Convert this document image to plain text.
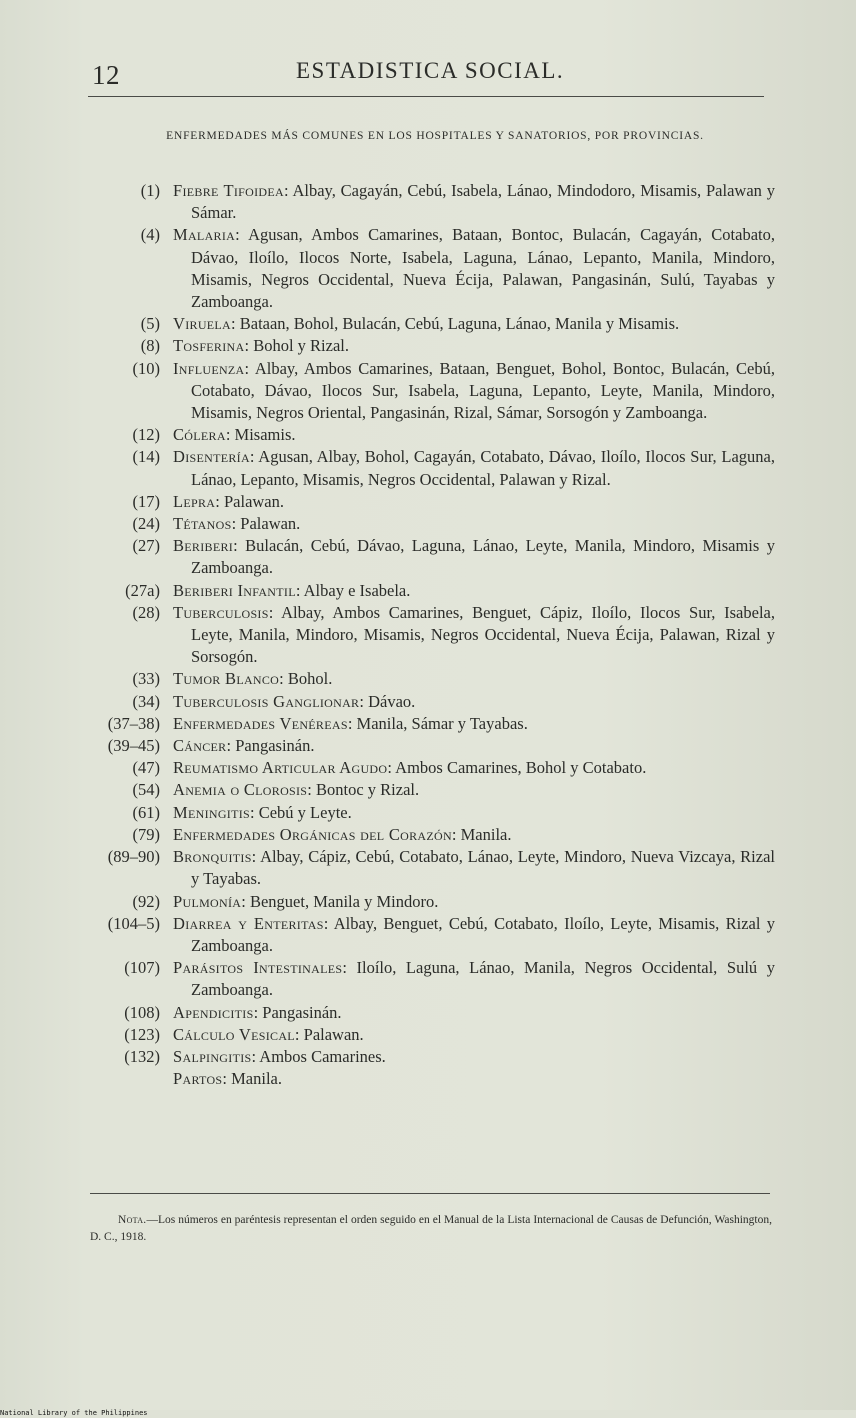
12	ESTADISTICA SOCIAL.
ENFERMEDADES MÁS COMUNES EN LOS HOSPITALES Y SANATORIOS, POR PROVINCIAS.
(1) Fiebre Tifoidea: Albay, Cagayán, Cebú, Isabela, Lánao, Mindodoro, Misamis, Palawan y Sámar.
(4) Malaria: Agusan, Ambos Camarines, Bataan, Bontoc, Bulacán, Cagayán, Cotabato, Dávao, Iloílo, Ilocos Norte, Isabela, Laguna, Lánao, Lepanto, Manila, Mindoro, Misamis, Negros Occidental, Nueva Écija, Palawan, Pangasinán, Sulú, Tayabas y Zamboanga.
(5) Viruela: Bataan, Bohol, Bulacán, Cebú, Laguna, Lánao, Manila y Misamis.
(8) Tosferina: Bohol y Rizal.
(10) Influenza: Albay, Ambos Camarines, Bataan, Benguet, Bohol, Bontoc, Bulacán, Cebú, Cotabato, Dávao, Ilocos Sur, Isabela, Laguna, Lepanto, Leyte, Manila, Mindoro, Misamis, Negros Oriental, Pangasinán, Rizal, Sámar, Sorsogón y Zamboanga.
(12) Cólera: Misamis.
(14) Disentería: Agusan, Albay, Bohol, Cagayán, Cotabato, Dávao, Iloílo, Ilocos Sur, Laguna, Lánao, Lepanto, Misamis, Negros Occidental, Palawan y Rizal.
(17) Lepra: Palawan.
(24) Tétanos: Palawan.
(27) Beriberi: Bulacán, Cebú, Dávao, Laguna, Lánao, Leyte, Manila, Mindoro, Misamis y Zamboanga.
(27a) Beriberi Infantil: Albay e Isabela.
(28) Tuberculosis: Albay, Ambos Camarines, Benguet, Cápiz, Iloílo, Ilocos Sur, Isabela, Leyte, Manila, Mindoro, Misamis, Negros Occidental, Nueva Écija, Palawan, Rizal y Sorsogón.
(33) Tumor Blanco: Bohol.
(34) Tuberculosis Ganglionar: Dávao.
(37–38) Enfermedades Venéreas: Manila, Sámar y Tayabas.
(39–45) Cáncer: Pangasinán.
(47) Reumatismo Articular Agudo: Ambos Camarines, Bohol y Cotabato.
(54) Anemia o Clorosis: Bontoc y Rizal.
(61) Meningitis: Cebú y Leyte.
(79) Enfermedades Orgánicas del Corazón: Manila.
(89–90) Bronquitis: Albay, Cápiz, Cebú, Cotabato, Lánao, Leyte, Mindoro, Nueva Vizcaya, Rizal y Tayabas.
(92) Pulmonía: Benguet, Manila y Mindoro.
(104–5) Diarrea y Enteritas: Albay, Benguet, Cebú, Cotabato, Iloílo, Leyte, Misamis, Rizal y Zamboanga.
(107) Parásitos Intestinales: Iloílo, Laguna, Lánao, Manila, Negros Occidental, Sulú y Zamboanga.
(108) Apendicitis: Pangasinán.
(123) Cálculo Vesical: Palawan.
(132) Salpingitis: Ambos Camarines.
Partos: Manila.
Nota.—Los números en paréntesis representan el orden seguido en el Manual de la Lista Internacional de Causas de Defunción, Washington, D. C., 1918.
National Library of the Philippines
